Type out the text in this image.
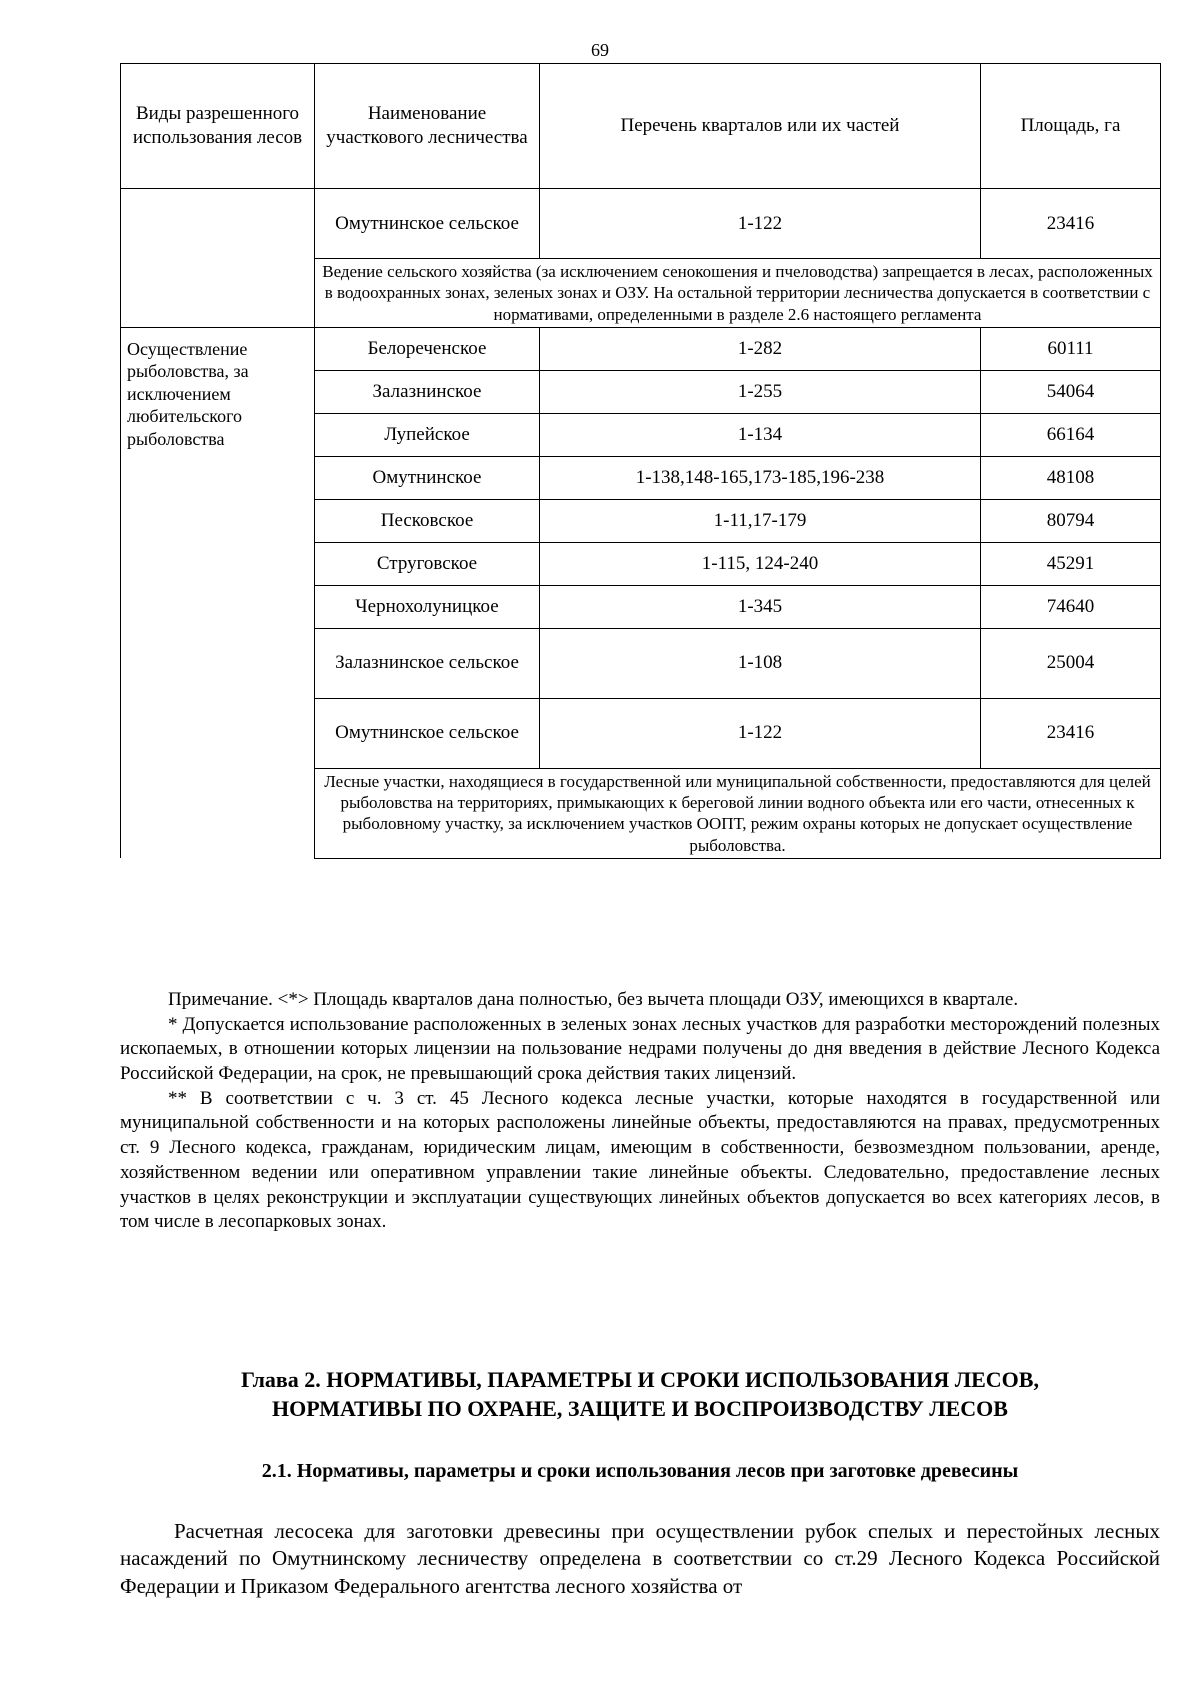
69
Виды разрешенного использования лесов	Наименование участкового лесничества	Перечень кварталов или их частей	Площадь, га
	Омутнинское сельское	1-122	23416
	Ведение сельского хозяйства (за исключением сенокошения и пчеловодства) запрещается в лесах, расположенных в водоохранных зонах, зеленых зонах и ОЗУ. На остальной территории лесничества допускается в соответствии с нормативами, определенными в разделе 2.6 настоящего регламента		
Осуществление рыболовства, за исключением любительского рыболовства	Белореченское	1-282	60111
	Залазнинское	1-255	54064
	Лупейское	1-134	66164
	Омутнинское	1-138,148-165,173-185,196-238	48108
	Песковское	1-11,17-179	80794
	Струговское	1-115, 124-240	45291
	Чернохолуницкое	1-345	74640
	Залазнинское сельское	1-108	25004
	Омутнинское сельское	1-122	23416
	Лесные участки, находящиеся в государственной или муниципальной собственности, предоставляются для целей рыболовства на территориях, примыкающих к береговой линии водного объекта или его части, отнесенных к рыболовному участку, за исключением участков ООПТ, режим охраны которых не допускает осуществление рыболовства.		

Примечание. <*> Площадь кварталов дана полностью, без вычета площади ОЗУ, имеющихся в квартале.

* Допускается использование расположенных в зеленых зонах лесных участков для разработки месторождений полезных ископаемых, в отношении которых лицензии на пользование недрами получены до дня введения в действие Лесного Кодекса Российской Федерации, на срок, не превышающий срока действия таких лицензий.

** В соответствии с ч. 3 ст. 45 Лесного кодекса лесные участки, которые находятся в государственной или муниципальной собственности и на которых расположены линейные объекты, предоставляются на правах, предусмотренных ст. 9 Лесного кодекса, гражданам, юридическим лицам, имеющим в собственности, безвозмездном пользовании, аренде, хозяйственном ведении или оперативном управлении такие линейные объекты. Следовательно, предоставление лесных участков в целях реконструкции и эксплуатации существующих линейных объектов допускается во всех категориях лесов, в том числе в лесопарковых зонах.

Глава 2. НОРМАТИВЫ, ПАРАМЕТРЫ И СРОКИ ИСПОЛЬЗОВАНИЯ ЛЕСОВ,
НОРМАТИВЫ ПО ОХРАНЕ, ЗАЩИТЕ И ВОСПРОИЗВОДСТВУ ЛЕСОВ
2.1. Нормативы, параметры и сроки использования лесов при заготовке древесины

Расчетная лесосека для заготовки древесины при осуществлении рубок спелых и перестойных лесных насаждений по Омутнинскому лесничеству определена в соответствии со ст.29 Лесного Кодекса Российской Федерации и Приказом Федерального агентства лесного хозяйства от
